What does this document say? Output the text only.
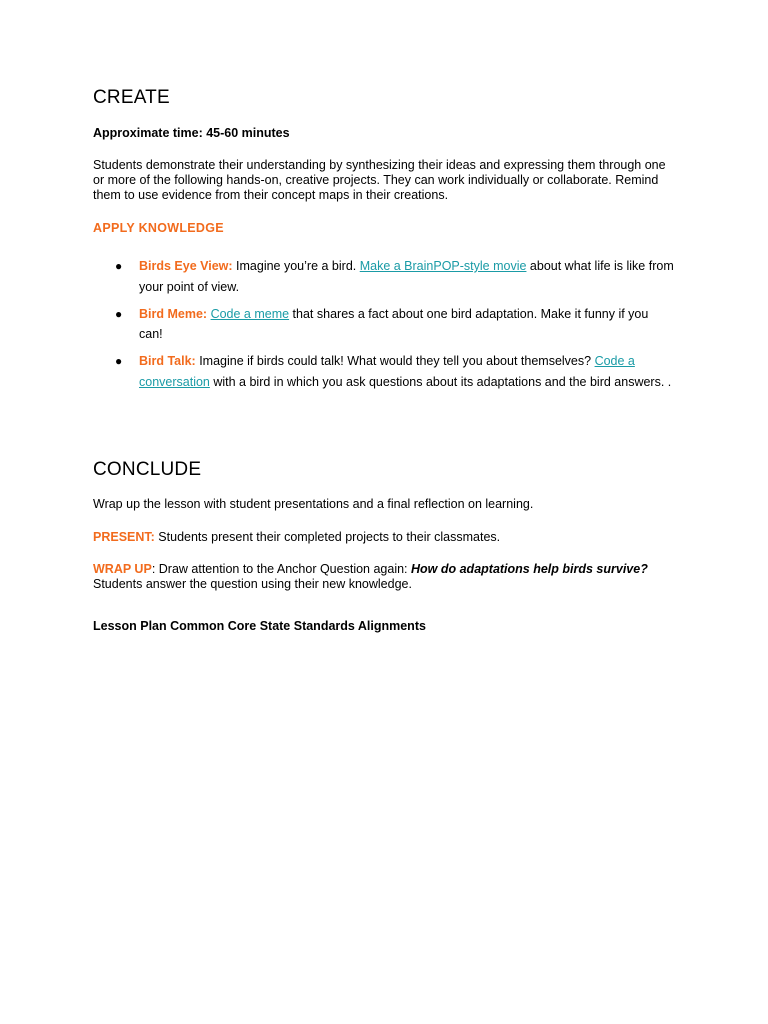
CREATE
Approximate time: 45-60 minutes
Students demonstrate their understanding by synthesizing their ideas and expressing them through one or more of the following hands-on, creative projects. They can work individually or collaborate. Remind them to use evidence from their concept maps in their creations.
APPLY KNOWLEDGE
● Birds Eye View: Imagine you’re a bird. Make a BrainPOP-style movie about what life is like from your point of view.
● Bird Meme: Code a meme that shares a fact about one bird adaptation. Make it funny if you can!
● Bird Talk: Imagine if birds could talk! What would they tell you about themselves? Code a conversation with a bird in which you ask questions about its adaptations and the bird answers. .
CONCLUDE
Wrap up the lesson with student presentations and a final reflection on learning.
PRESENT: Students present their completed projects to their classmates.
WRAP UP: Draw attention to the Anchor Question again: How do adaptations help birds survive? Students answer the question using their new knowledge.
Lesson Plan Common Core State Standards Alignments
